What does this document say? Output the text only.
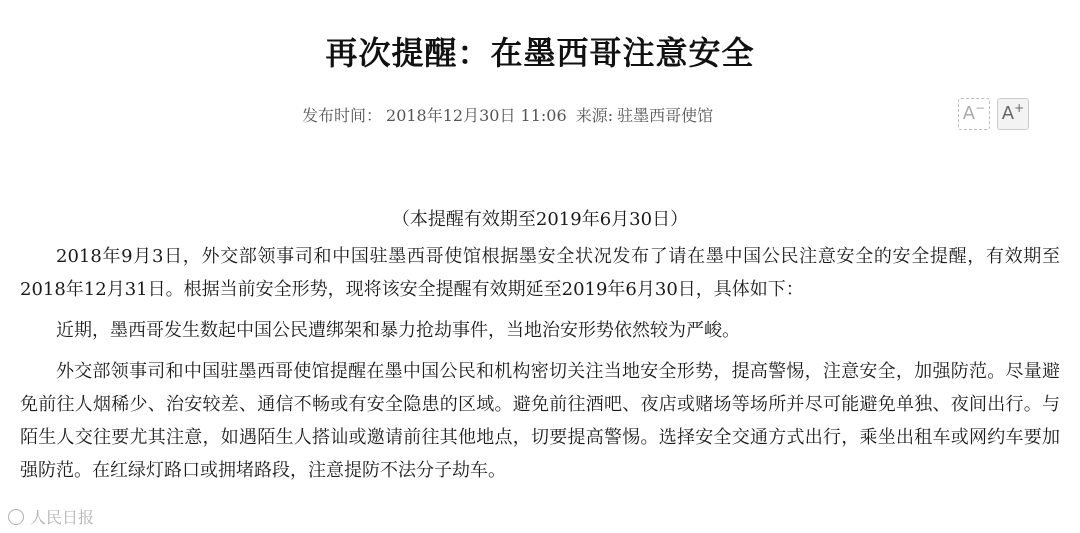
再次提醒：在墨西哥注意安全
发布时间： 2018年12月30日 11:06 来源: 驻墨西哥使馆	A− A+
（本提醒有效期至2019年6月30日）

2018年9月3日，外交部领事司和中国驻墨西哥使馆根据墨安全状况发布了请在墨中国公民注意安全的安全提醒，有效期至2018年12月31日。根据当前安全形势，现将该安全提醒有效期延至2019年6月30日，具体如下：

近期，墨西哥发生数起中国公民遭绑架和暴力抢劫事件，当地治安形势依然较为严峻。

外交部领事司和中国驻墨西哥使馆提醒在墨中国公民和机构密切关注当地安全形势，提高警惕，注意安全，加强防范。尽量避免前往人烟稀少、治安较差、通信不畅或有安全隐患的区域。避免前往酒吧、夜店或赌场等场所并尽可能避免单独、夜间出行。与陌生人交往要尤其注意，如遇陌生人搭讪或邀请前往其他地点，切要提高警惕。选择安全交通方式出行，乘坐出租车或网约车要加强防范。在红绿灯路口或拥堵路段，注意提防不法分子劫车。

人民日报
